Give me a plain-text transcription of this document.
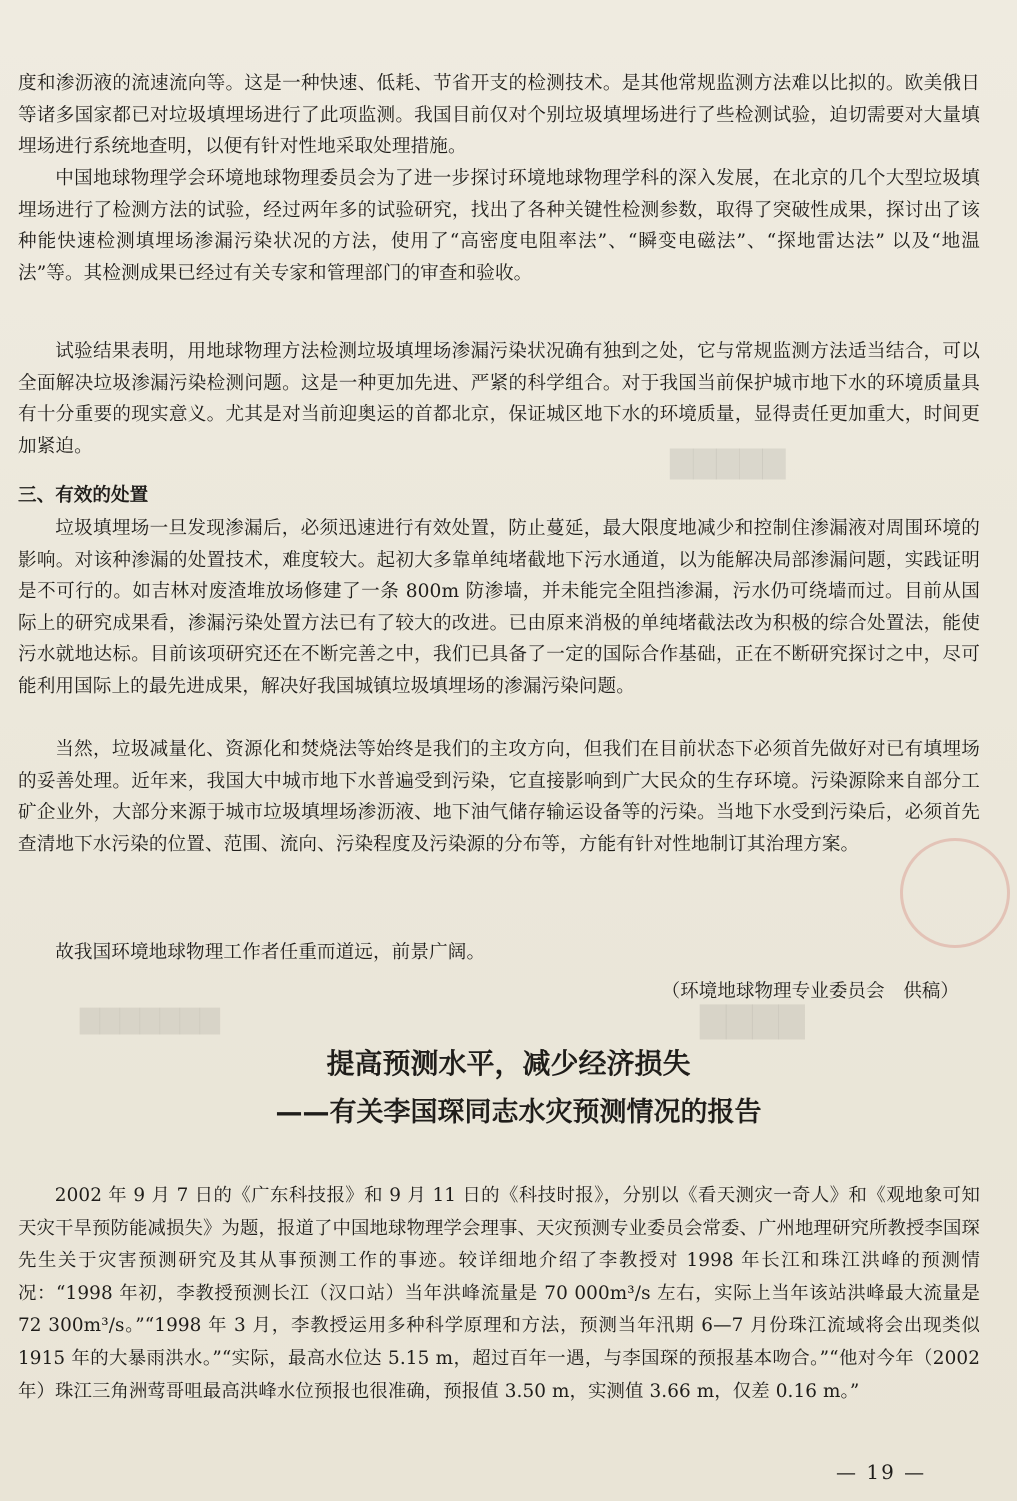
▇▇▇▇▇
▇▇▇▇▇▇▇	▇▇▇▇

度和渗沥液的流速流向等。这是一种快速、低耗、节省开支的检测技术。是其他常规监测方法难以比拟的。欧美俄日等诸多国家都已对垃圾填埋场进行了此项监测。我国目前仅对个别垃圾填埋场进行了些检测试验，迫切需要对大量填埋场进行系统地查明，以便有针对性地采取处理措施。

中国地球物理学会环境地球物理委员会为了进一步探讨环境地球物理学科的深入发展，在北京的几个大型垃圾填埋场进行了检测方法的试验，经过两年多的试验研究，找出了各种关键性检测参数，取得了突破性成果，探讨出了该种能快速检测填埋场渗漏污染状况的方法，使用了“高密度电阻率法”、“瞬变电磁法”、“探地雷达法” 以及“地温法”等。其检测成果已经过有关专家和管理部门的审查和验收。

试验结果表明，用地球物理方法检测垃圾填埋场渗漏污染状况确有独到之处，它与常规监测方法适当结合，可以全面解决垃圾渗漏污染检测问题。这是一种更加先进、严紧的科学组合。对于我国当前保护城市地下水的环境质量具有十分重要的现实意义。尤其是对当前迎奥运的首都北京，保证城区地下水的环境质量，显得责任更加重大，时间更加紧迫。

三、有效的处置

垃圾填埋场一旦发现渗漏后，必须迅速进行有效处置，防止蔓延，最大限度地减少和控制住渗漏液对周围环境的影响。对该种渗漏的处置技术，难度较大。起初大多靠单纯堵截地下污水通道，以为能解决局部渗漏问题，实践证明是不可行的。如吉林对废渣堆放场修建了一条 800m 防渗墙，并未能完全阻挡渗漏，污水仍可绕墙而过。目前从国际上的研究成果看，渗漏污染处置方法已有了较大的改进。已由原来消极的单纯堵截法改为积极的综合处置法，能使污水就地达标。目前该项研究还在不断完善之中，我们已具备了一定的国际合作基础，正在不断研究探讨之中，尽可能利用国际上的最先进成果，解决好我国城镇垃圾填埋场的渗漏污染问题。

当然，垃圾减量化、资源化和焚烧法等始终是我们的主攻方向，但我们在目前状态下必须首先做好对已有填埋场的妥善处理。近年来，我国大中城市地下水普遍受到污染，它直接影响到广大民众的生存环境。污染源除来自部分工矿企业外，大部分来源于城市垃圾填埋场渗沥液、地下油气储存输运设备等的污染。当地下水受到污染后，必须首先查清地下水污染的位置、范围、流向、污染程度及污染源的分布等，方能有针对性地制订其治理方案。

故我国环境地球物理工作者任重而道远，前景广阔。

（环境地球物理专业委员会　供稿）
提高预测水平，减少经济损失
——有关李国琛同志水灾预测情况的报告

2002 年 9 月 7 日的《广东科技报》和 9 月 11 日的《科技时报》，分别以《看天测灾一奇人》和《观地象可知天灾干旱预防能减损失》为题，报道了中国地球物理学会理事、天灾预测专业委员会常委、广州地理研究所教授李国琛先生关于灾害预测研究及其从事预测工作的事迹。较详细地介绍了李教授对 1998 年长江和珠江洪峰的预测情况：“1998 年初，李教授预测长江（汉口站）当年洪峰流量是 70 000m³/s 左右，实际上当年该站洪峰最大流量是 72 300m³/s。”“1998 年 3 月，李教授运用多种科学原理和方法，预测当年汛期 6—7 月份珠江流域将会出现类似 1915 年的大暴雨洪水。”“实际，最高水位达 5.15 m，超过百年一遇，与李国琛的预报基本吻合。”“他对今年（2002 年）珠江三角洲莺哥咀最高洪峰水位预报也很准确，预报值 3.50 m，实测值 3.66 m，仅差 0.16 m。”

— 19 —
